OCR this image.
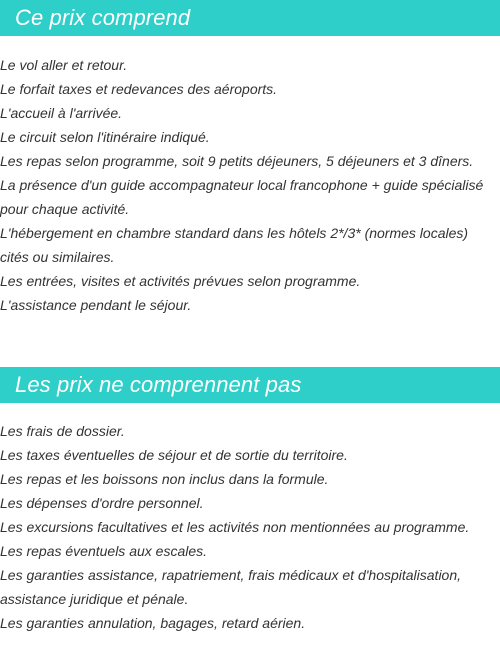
Ce prix comprend
Le vol aller et retour.
Le forfait taxes et redevances des aéroports.
L'accueil à l'arrivée.
Le circuit selon l'itinéraire indiqué.
Les repas selon programme, soit 9 petits déjeuners, 5 déjeuners et 3 dîners.
La présence d'un guide accompagnateur local francophone + guide spécialisé pour chaque activité.
L'hébergement en chambre standard dans les hôtels 2*/3* (normes locales) cités ou similaires.
Les entrées, visites et activités prévues selon programme.
L'assistance pendant le séjour.
Les prix ne comprennent pas
Les frais de dossier.
Les taxes éventuelles de séjour et de sortie du territoire.
Les repas et les boissons non inclus dans la formule.
Les dépenses d'ordre personnel.
Les excursions facultatives et les activités non mentionnées au programme.
Les repas éventuels aux escales.
Les garanties assistance, rapatriement, frais médicaux et d'hospitalisation, assistance juridique et pénale.
Les garanties annulation, bagages, retard aérien.
